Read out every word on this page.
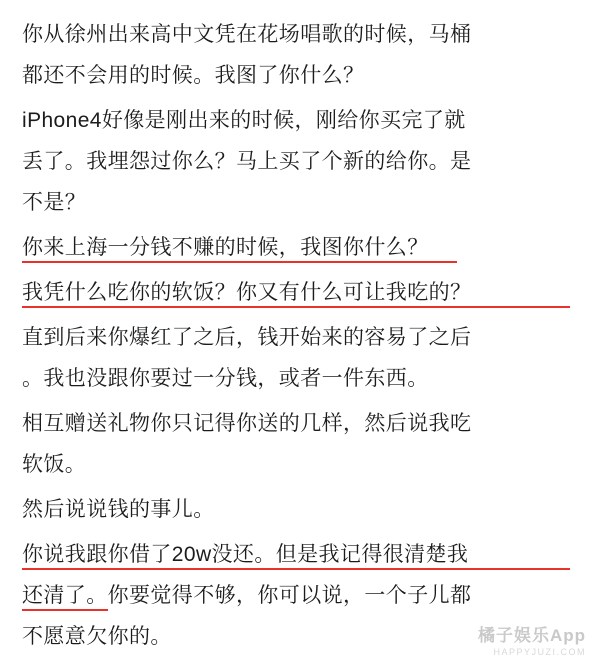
你从徐州出来高中文凭在花场唱歌的时候，马桶
都还不会用的时候。我图了你什么？

iPhone4好像是刚出来的时候，刚给你买完了就
丢了。我埋怨过你么？马上买了个新的给你。是
不是？

你来上海一分钱不赚的时候，我图你什么？

我凭什么吃你的软饭？你又有什么可让我吃的？

直到后来你爆红了之后，钱开始来的容易了之后
。我也没跟你要过一分钱，或者一件东西。

相互赠送礼物你只记得你送的几样，然后说我吃
软饭。

然后说说钱的事儿。

你说我跟你借了20w没还。但是我记得很清楚我
还清了。你要觉得不够，你可以说，一个子儿都
不愿意欠你的。	橘子娱乐App
HAPPYJUZI.COM
